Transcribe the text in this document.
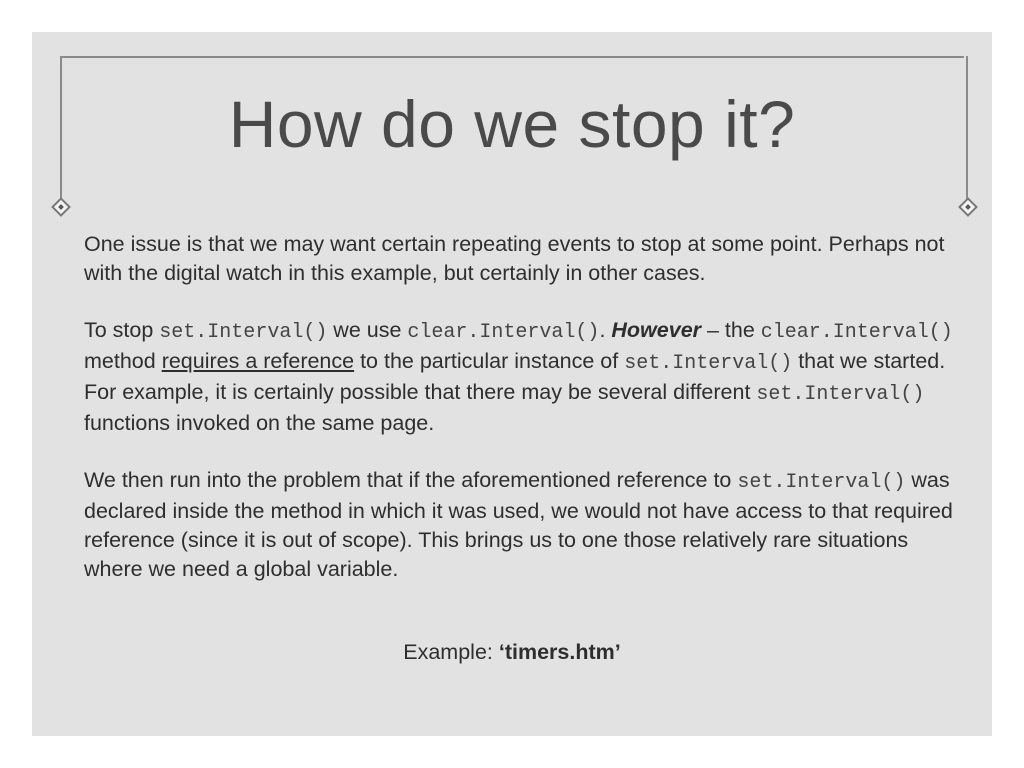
How do we stop it?

One issue is that we may want certain repeating events to stop at some point. Perhaps not with the digital watch in this example, but certainly in other cases.

To stop set.Interval() we use clear.Interval(). However – the clear.Interval() method requires a reference to the particular instance of set.Interval() that we started. For example, it is certainly possible that there may be several different set.Interval() functions invoked on the same page.

We then run into the problem that if the aforementioned reference to set.Interval() was declared inside the method in which it was used, we would not have access to that required reference (since it is out of scope). This brings us to one those relatively rare situations where we need a global variable.

Example: ‘timers.htm’
